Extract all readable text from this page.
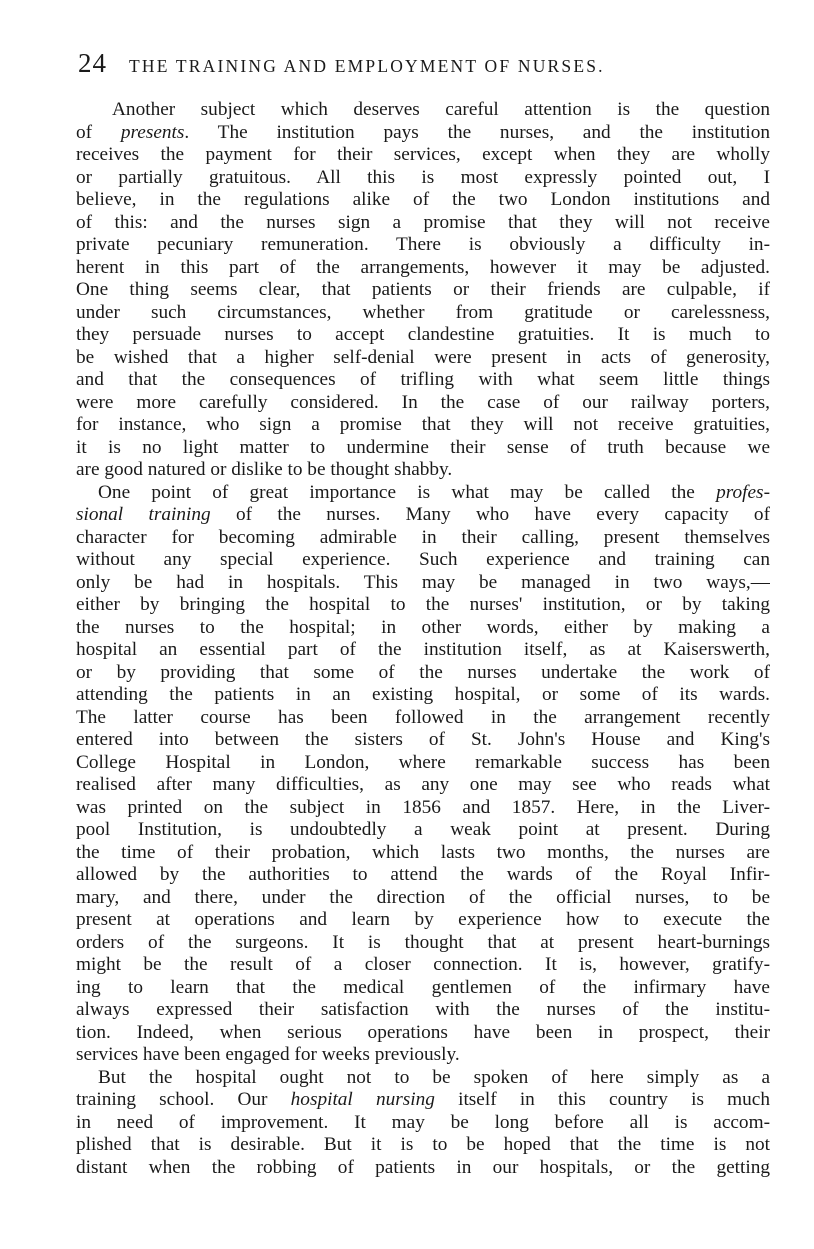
24 THE TRAINING AND EMPLOYMENT OF NURSES.
Another subject which deserves careful attention is the question
of presents. The institution pays the nurses, and the institution
receives the payment for their services, except when they are wholly
or partially gratuitous. All this is most expressly pointed out, I
believe, in the regulations alike of the two London institutions and
of this: and the nurses sign a promise that they will not receive
private pecuniary remuneration. There is obviously a difficulty in-
herent in this part of the arrangements, however it may be adjusted.
One thing seems clear, that patients or their friends are culpable, if
under such circumstances, whether from gratitude or carelessness,
they persuade nurses to accept clandestine gratuities. It is much to
be wished that a higher self-denial were present in acts of generosity,
and that the consequences of trifling with what seem little things
were more carefully considered. In the case of our railway porters,
for instance, who sign a promise that they will not receive gratuities,
it is no light matter to undermine their sense of truth because we
are good natured or dislike to be thought shabby.
One point of great importance is what may be called the profes-
sional training of the nurses. Many who have every capacity of
character for becoming admirable in their calling, present themselves
without any special experience. Such experience and training can
only be had in hospitals. This may be managed in two ways,—
either by bringing the hospital to the nurses' institution, or by taking
the nurses to the hospital; in other words, either by making a
hospital an essential part of the institution itself, as at Kaiserswerth,
or by providing that some of the nurses undertake the work of
attending the patients in an existing hospital, or some of its wards.
The latter course has been followed in the arrangement recently
entered into between the sisters of St. John's House and King's
College Hospital in London, where remarkable success has been
realised after many difficulties, as any one may see who reads what
was printed on the subject in 1856 and 1857. Here, in the Liver-
pool Institution, is undoubtedly a weak point at present. During
the time of their probation, which lasts two months, the nurses are
allowed by the authorities to attend the wards of the Royal Infir-
mary, and there, under the direction of the official nurses, to be
present at operations and learn by experience how to execute the
orders of the surgeons. It is thought that at present heart-burnings
might be the result of a closer connection. It is, however, gratify-
ing to learn that the medical gentlemen of the infirmary have
always expressed their satisfaction with the nurses of the institu-
tion. Indeed, when serious operations have been in prospect, their
services have been engaged for weeks previously.
But the hospital ought not to be spoken of here simply as a
training school. Our hospital nursing itself in this country is much
in need of improvement. It may be long before all is accom-
plished that is desirable. But it is to be hoped that the time is not
distant when the robbing of patients in our hospitals, or the getting
